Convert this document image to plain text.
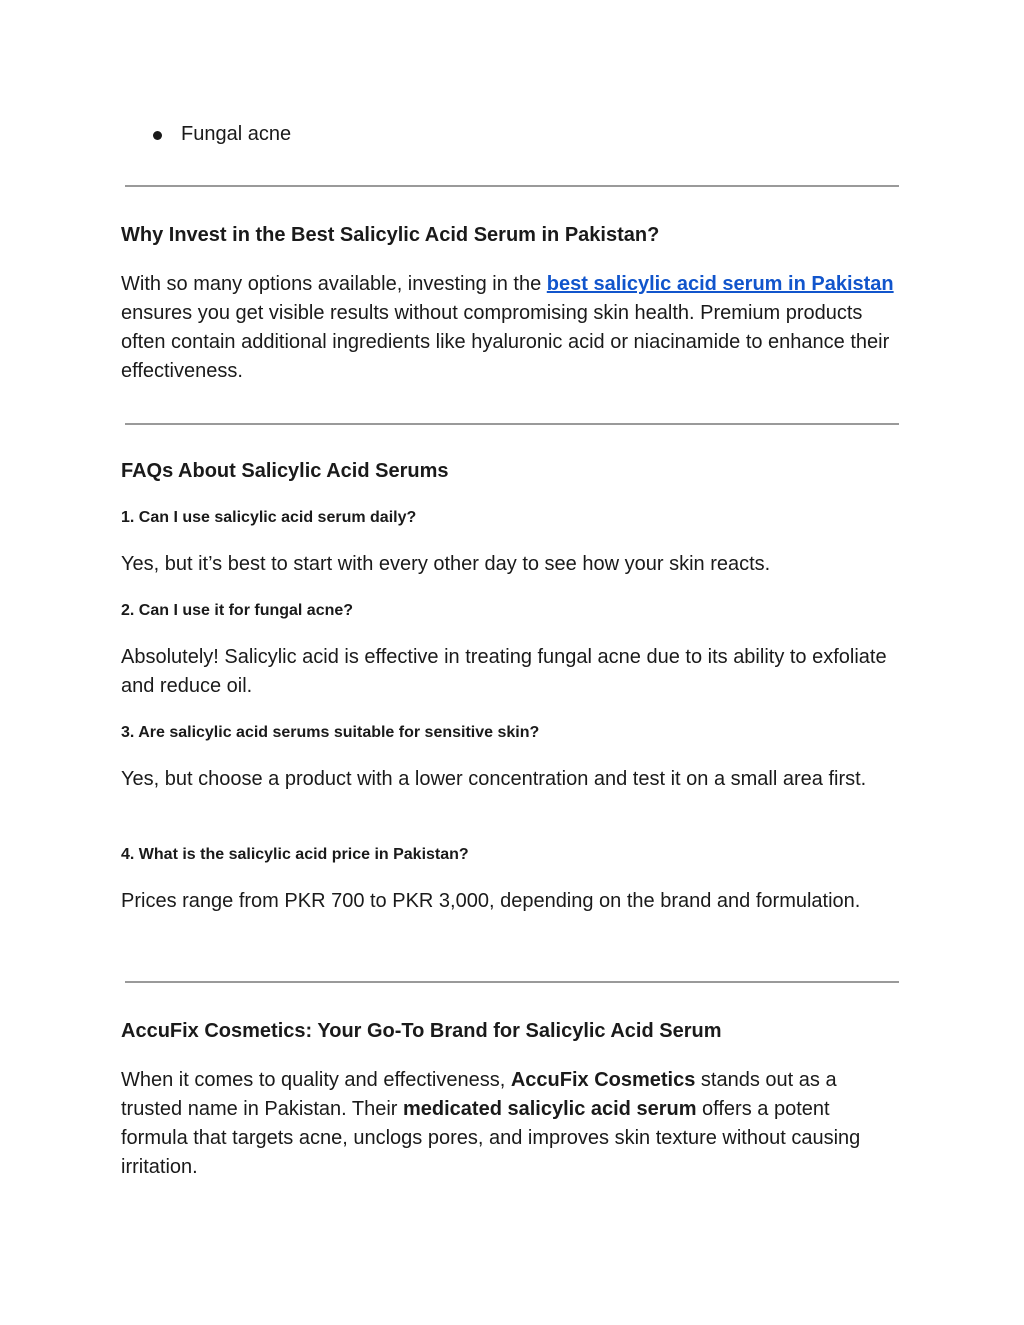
Fungal acne
Why Invest in the Best Salicylic Acid Serum in Pakistan?

With so many options available, investing in the best salicylic acid serum in Pakistan ensures you get visible results without compromising skin health. Premium products often contain additional ingredients like hyaluronic acid or niacinamide to enhance their effectiveness.

FAQs About Salicylic Acid Serums
1. Can I use salicylic acid serum daily?

Yes, but it’s best to start with every other day to see how your skin reacts.

2. Can I use it for fungal acne?

Absolutely! Salicylic acid is effective in treating fungal acne due to its ability to exfoliate and reduce oil.

3. Are salicylic acid serums suitable for sensitive skin?

Yes, but choose a product with a lower concentration and test it on a small area first.

4. What is the salicylic acid price in Pakistan?

Prices range from PKR 700 to PKR 3,000, depending on the brand and formulation.

AccuFix Cosmetics: Your Go-To Brand for Salicylic Acid Serum

When it comes to quality and effectiveness, AccuFix Cosmetics stands out as a trusted name in Pakistan. Their medicated salicylic acid serum offers a potent formula that targets acne, unclogs pores, and improves skin texture without causing irritation.
